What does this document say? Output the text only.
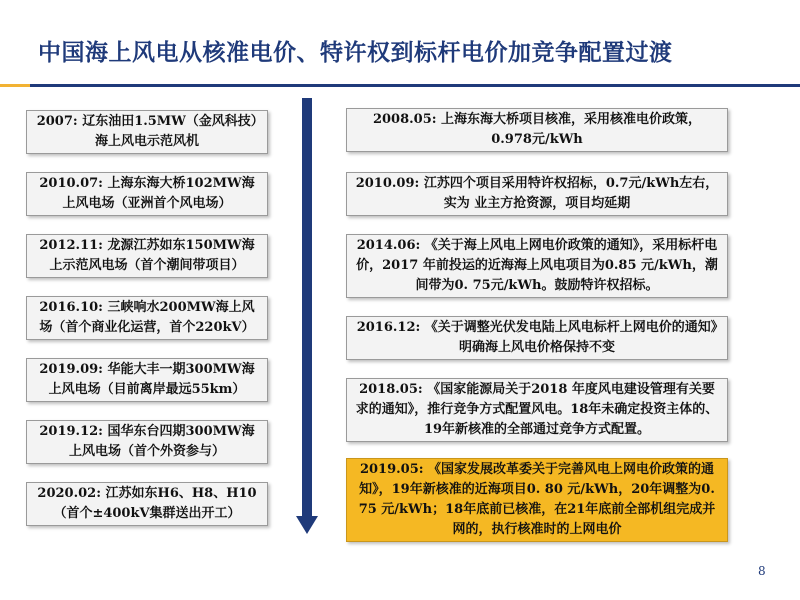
中国海上风电从核准电价、特许权到标杆电价加竞争配置过渡
2007: 辽东油田1.5MW（金风科技）海上风电示范风机
2010.07: 上海东海大桥102MW海上风电场（亚洲首个风电场）
2012.11: 龙源江苏如东150MW海上示范风电场（首个潮间带项目）
2016.10: 三峡响水200MW海上风场（首个商业化运营，首个220kV）
2019.09: 华能大丰一期300MW海上风电场（目前离岸最远55km）
2019.12: 国华东台四期300MW海上风电场（首个外资参与）
2020.02: 江苏如东H6、H8、H10（首个±400kV集群送出开工）
2008.05: 上海东海大桥项目核准，采用核准电价政策，0.978元/kWh
2010.09: 江苏四个项目采用特许权招标，0.7元/kWh左右，实为 业主方抢资源，项目均延期
2014.06: 《关于海上风电上网电价政策的通知》，采用标杆电价，2017 年前投运的近海海上风电项目为0.85 元/kWh，潮间带为0. 75元/kWh。鼓励特许权招标。
2016.12: 《关于调整光伏发电陆上风电标杆上网电价的通知》明确海上风电价格保持不变
2018.05: 《国家能源局关于2018 年度风电建设管理有关要求的通知》，推行竞争方式配置风电。18年未确定投资主体的、19年新核准的全部通过竞争方式配置。
2019.05: 《国家发展改革委关于完善风电上网电价政策的通知》，19年新核准的近海项目0. 80 元/kWh，20年调整为0. 75 元/kWh；18年底前已核准，在21年底前全部机组完成并网的，执行核准时的上网电价
8
